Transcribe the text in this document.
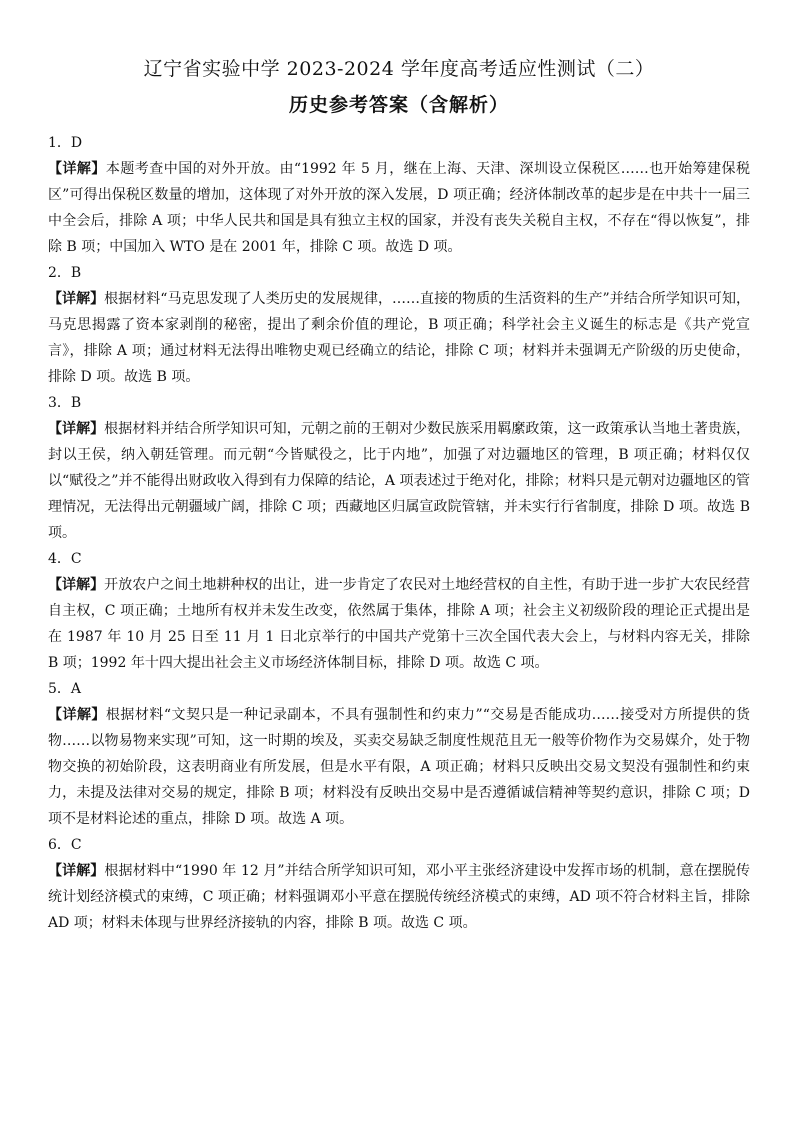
辽宁省实验中学 2023-2024 学年度高考适应性测试（二）
历史参考答案（含解析）

1．D

【详解】本题考查中国的对外开放。由“1992 年 5 月，继在上海、天津、深圳设立保税区……也开始筹建保税区”可得出保税区数量的增加，这体现了对外开放的深入发展，D 项正确；经济体制改革的起步是在中共十一届三中全会后，排除 A 项；中华人民共和国是具有独立主权的国家，并没有丧失关税自主权，不存在“得以恢复”，排除 B 项；中国加入 WTO 是在 2001 年，排除 C 项。故选 D 项。

2．B

【详解】根据材料“马克思发现了人类历史的发展规律，……直接的物质的生活资料的生产”并结合所学知识可知，马克思揭露了资本家剥削的秘密，提出了剩余价值的理论，B 项正确；科学社会主义诞生的标志是《共产党宣言》，排除 A 项；通过材料无法得出唯物史观已经确立的结论，排除 C 项；材料并未强调无产阶级的历史使命，排除 D 项。故选 B 项。

3．B

【详解】根据材料并结合所学知识可知，元朝之前的王朝对少数民族采用羁縻政策，这一政策承认当地土著贵族，封以王侯，纳入朝廷管理。而元朝“今皆赋役之，比于内地”，加强了对边疆地区的管理，B 项正确；材料仅仅以“赋役之”并不能得出财政收入得到有力保障的结论，A 项表述过于绝对化，排除；材料只是元朝对边疆地区的管理情况，无法得出元朝疆域广阔，排除 C 项；西藏地区归属宣政院管辖，并未实行行省制度，排除 D 项。故选 B 项。

4．C

【详解】开放农户之间土地耕种权的出让，进一步肯定了农民对土地经营权的自主性，有助于进一步扩大农民经营自主权，C 项正确；土地所有权并未发生改变，依然属于集体，排除 A 项；社会主义初级阶段的理论正式提出是在 1987 年 10 月 25 日至 11 月 1 日北京举行的中国共产党第十三次全国代表大会上，与材料内容无关，排除 B 项；1992 年十四大提出社会主义市场经济体制目标，排除 D 项。故选 C 项。

5．A

【详解】根据材料“文契只是一种记录副本，不具有强制性和约束力”“交易是否能成功……接受对方所提供的货物……以物易物来实现”可知，这一时期的埃及，买卖交易缺乏制度性规范且无一般等价物作为交易媒介，处于物物交换的初始阶段，这表明商业有所发展，但是水平有限，A 项正确；材料只反映出交易文契没有强制性和约束力，未提及法律对交易的规定，排除 B 项；材料没有反映出交易中是否遵循诚信精神等契约意识，排除 C 项；D 项不是材料论述的重点，排除 D 项。故选 A 项。

6．C

【详解】根据材料中“1990 年 12 月”并结合所学知识可知，邓小平主张经济建设中发挥市场的机制，意在摆脱传统计划经济模式的束缚，C 项正确；材料强调邓小平意在摆脱传统经济模式的束缚，AD 项不符合材料主旨，排除 AD 项；材料未体现与世界经济接轨的内容，排除 B 项。故选 C 项。
